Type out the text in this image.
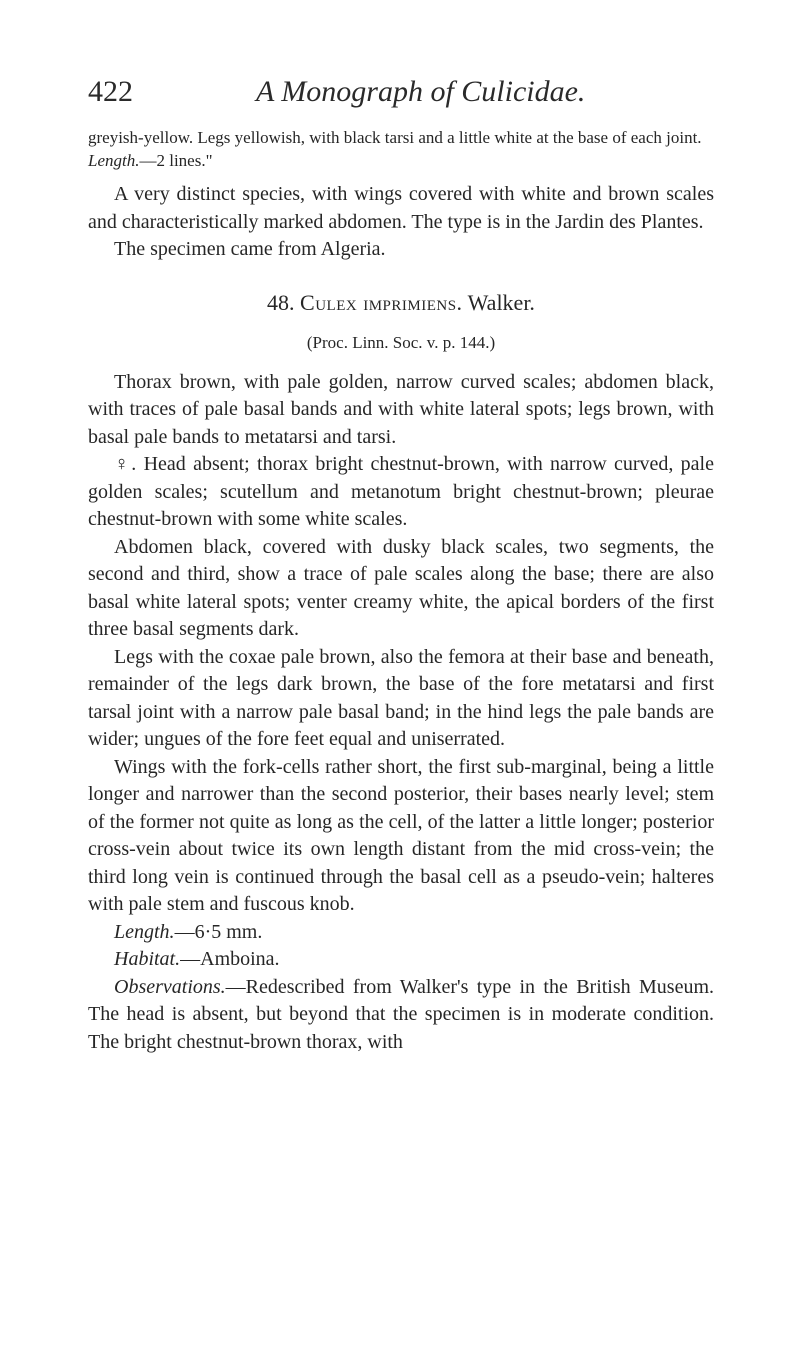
422	A Monograph of Culicidae.

greyish-yellow. Legs yellowish, with black tarsi and a little white at the base of each joint.
Length.—2 lines."

A very distinct species, with wings covered with white and brown scales and characteristically marked abdomen. The type is in the Jardin des Plantes.

The specimen came from Algeria.

48. Culex imprimiens. Walker.
(Proc. Linn. Soc. v. p. 144.)

Thorax brown, with pale golden, narrow curved scales; abdomen black, with traces of pale basal bands and with white lateral spots; legs brown, with basal pale bands to metatarsi and tarsi.

♀. Head absent; thorax bright chestnut-brown, with narrow curved, pale golden scales; scutellum and metanotum bright chestnut-brown; pleurae chestnut-brown with some white scales.

Abdomen black, covered with dusky black scales, two segments, the second and third, show a trace of pale scales along the base; there are also basal white lateral spots; venter creamy white, the apical borders of the first three basal segments dark.

Legs with the coxae pale brown, also the femora at their base and beneath, remainder of the legs dark brown, the base of the fore metatarsi and first tarsal joint with a narrow pale basal band; in the hind legs the pale bands are wider; ungues of the fore feet equal and uniserrated.

Wings with the fork-cells rather short, the first sub-marginal, being a little longer and narrower than the second posterior, their bases nearly level; stem of the former not quite as long as the cell, of the latter a little longer; posterior cross-vein about twice its own length distant from the mid cross-vein; the third long vein is continued through the basal cell as a pseudo-vein; halteres with pale stem and fuscous knob.

Length.—6·5 mm.

Habitat.—Amboina.

Observations.—Redescribed from Walker's type in the British Museum. The head is absent, but beyond that the specimen is in moderate condition. The bright chestnut-brown thorax, with
